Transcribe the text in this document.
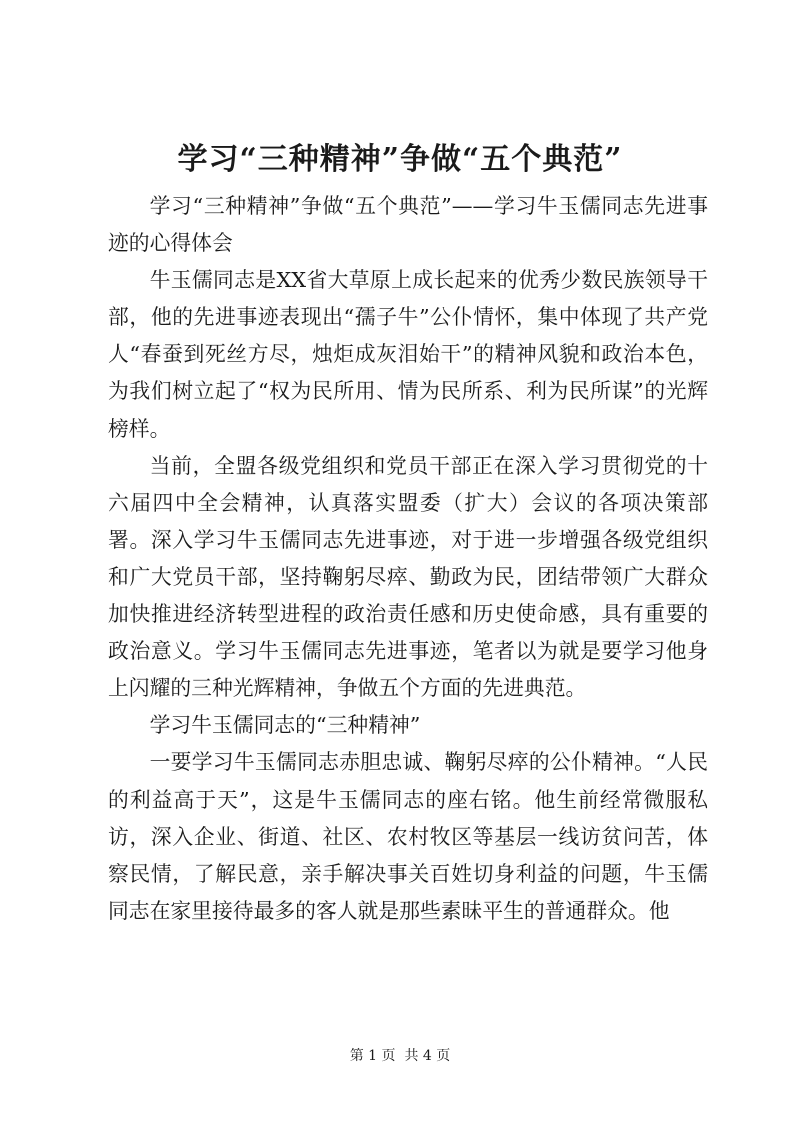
学习“三种精神”争做“五个典范”

学习“三种精神”争做“五个典范”——学习牛玉儒同志先进事迹的心得体会

牛玉儒同志是XX省大草原上成长起来的优秀少数民族领导干部，他的先进事迹表现出“孺子牛”公仆情怀，集中体现了共产党人“春蚕到死丝方尽，烛炬成灰泪始干”的精神风貌和政治本色，为我们树立起了“权为民所用、情为民所系、利为民所谋”的光辉榜样。

当前，全盟各级党组织和党员干部正在深入学习贯彻党的十六届四中全会精神，认真落实盟委（扩大）会议的各项决策部署。深入学习牛玉儒同志先进事迹，对于进一步增强各级党组织和广大党员干部，坚持鞠躬尽瘁、勤政为民，团结带领广大群众加快推进经济转型进程的政治责任感和历史使命感，具有重要的政治意义。学习牛玉儒同志先进事迹，笔者以为就是要学习他身上闪耀的三种光辉精神，争做五个方面的先进典范。

学习牛玉儒同志的“三种精神”

一要学习牛玉儒同志赤胆忠诚、鞠躬尽瘁的公仆精神。“人民的利益高于天”，这是牛玉儒同志的座右铭。他生前经常微服私访，深入企业、街道、社区、农村牧区等基层一线访贫问苦，体察民情，了解民意，亲手解决事关百姓切身利益的问题，牛玉儒同志在家里接待最多的客人就是那些素昧平生的普通群众。他

第 1 页  共 4 页
